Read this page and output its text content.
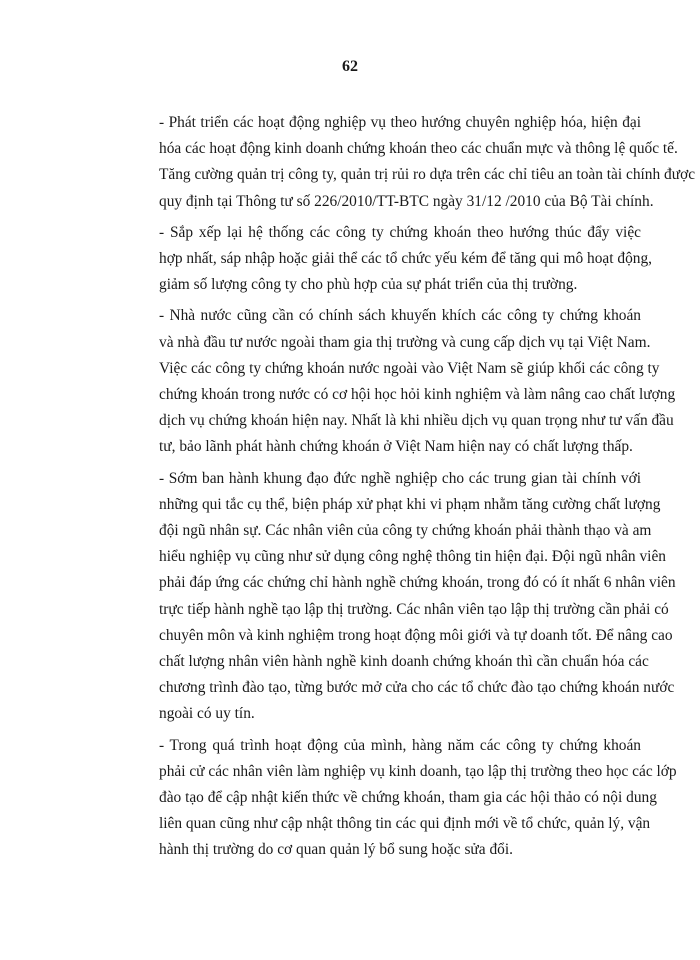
62
- Phát triển các hoạt động nghiệp vụ theo hướng chuyên nghiệp hóa, hiện đại
hóa các hoạt động kinh doanh chứng khoán theo các chuẩn mực và thông lệ quốc tế.
Tăng cường quản trị công ty, quản trị rủi ro dựa trên các chỉ tiêu an toàn tài chính được
quy định tại Thông tư số 226/2010/TT-BTC ngày 31/12 /2010 của Bộ Tài chính.
- Sắp xếp lại hệ thống các công ty chứng khoán theo hướng thúc đẩy việc
hợp nhất, sáp nhập hoặc giải thể các tổ chức yếu kém để tăng qui mô hoạt động,
giảm số lượng công ty cho phù hợp của sự phát triển của thị trường.
- Nhà nước cũng cần có chính sách khuyến khích các công ty chứng khoán
và nhà đầu tư nước ngoài tham gia thị trường và cung cấp dịch vụ tại Việt Nam.
Việc các công ty chứng khoán nước ngoài vào Việt Nam sẽ giúp khối các công ty
chứng khoán trong nước có cơ hội học hỏi kinh nghiệm và làm nâng cao chất lượng
dịch vụ chứng khoán hiện nay. Nhất là khi nhiều dịch vụ quan trọng như tư vấn đầu
tư, bảo lãnh phát hành chứng khoán ở Việt Nam hiện nay có chất lượng thấp.
- Sớm ban hành khung đạo đức nghề nghiệp cho các trung gian tài chính với
những qui tắc cụ thể, biện pháp xử phạt khi vi phạm nhằm tăng cường chất lượng
đội ngũ nhân sự. Các nhân viên của công ty chứng khoán phải thành thạo và am
hiểu nghiệp vụ cũng như sử dụng công nghệ thông tin hiện đại. Đội ngũ nhân viên
phải đáp ứng các chứng chỉ hành nghề chứng khoán, trong đó có ít nhất 6 nhân viên
trực tiếp hành nghề tạo lập thị trường. Các nhân viên tạo lập thị trường cần phải có
chuyên môn và kinh nghiệm trong hoạt động môi giới và tự doanh tốt. Để nâng cao
chất lượng nhân viên hành nghề kinh doanh chứng khoán thì cần chuẩn hóa các
chương trình đào tạo, từng bước mở cửa cho các tổ chức đào tạo chứng khoán nước
ngoài có uy tín.
- Trong quá trình hoạt động của mình, hàng năm các công ty chứng khoán
phải cử các nhân viên làm nghiệp vụ kinh doanh, tạo lập thị trường theo học các lớp
đào tạo để cập nhật kiến thức về chứng khoán, tham gia các hội thảo có nội dung
liên quan cũng như cập nhật thông tin các qui định mới về tổ chức, quản lý, vận
hành thị trường do cơ quan quản lý bổ sung hoặc sửa đổi.
